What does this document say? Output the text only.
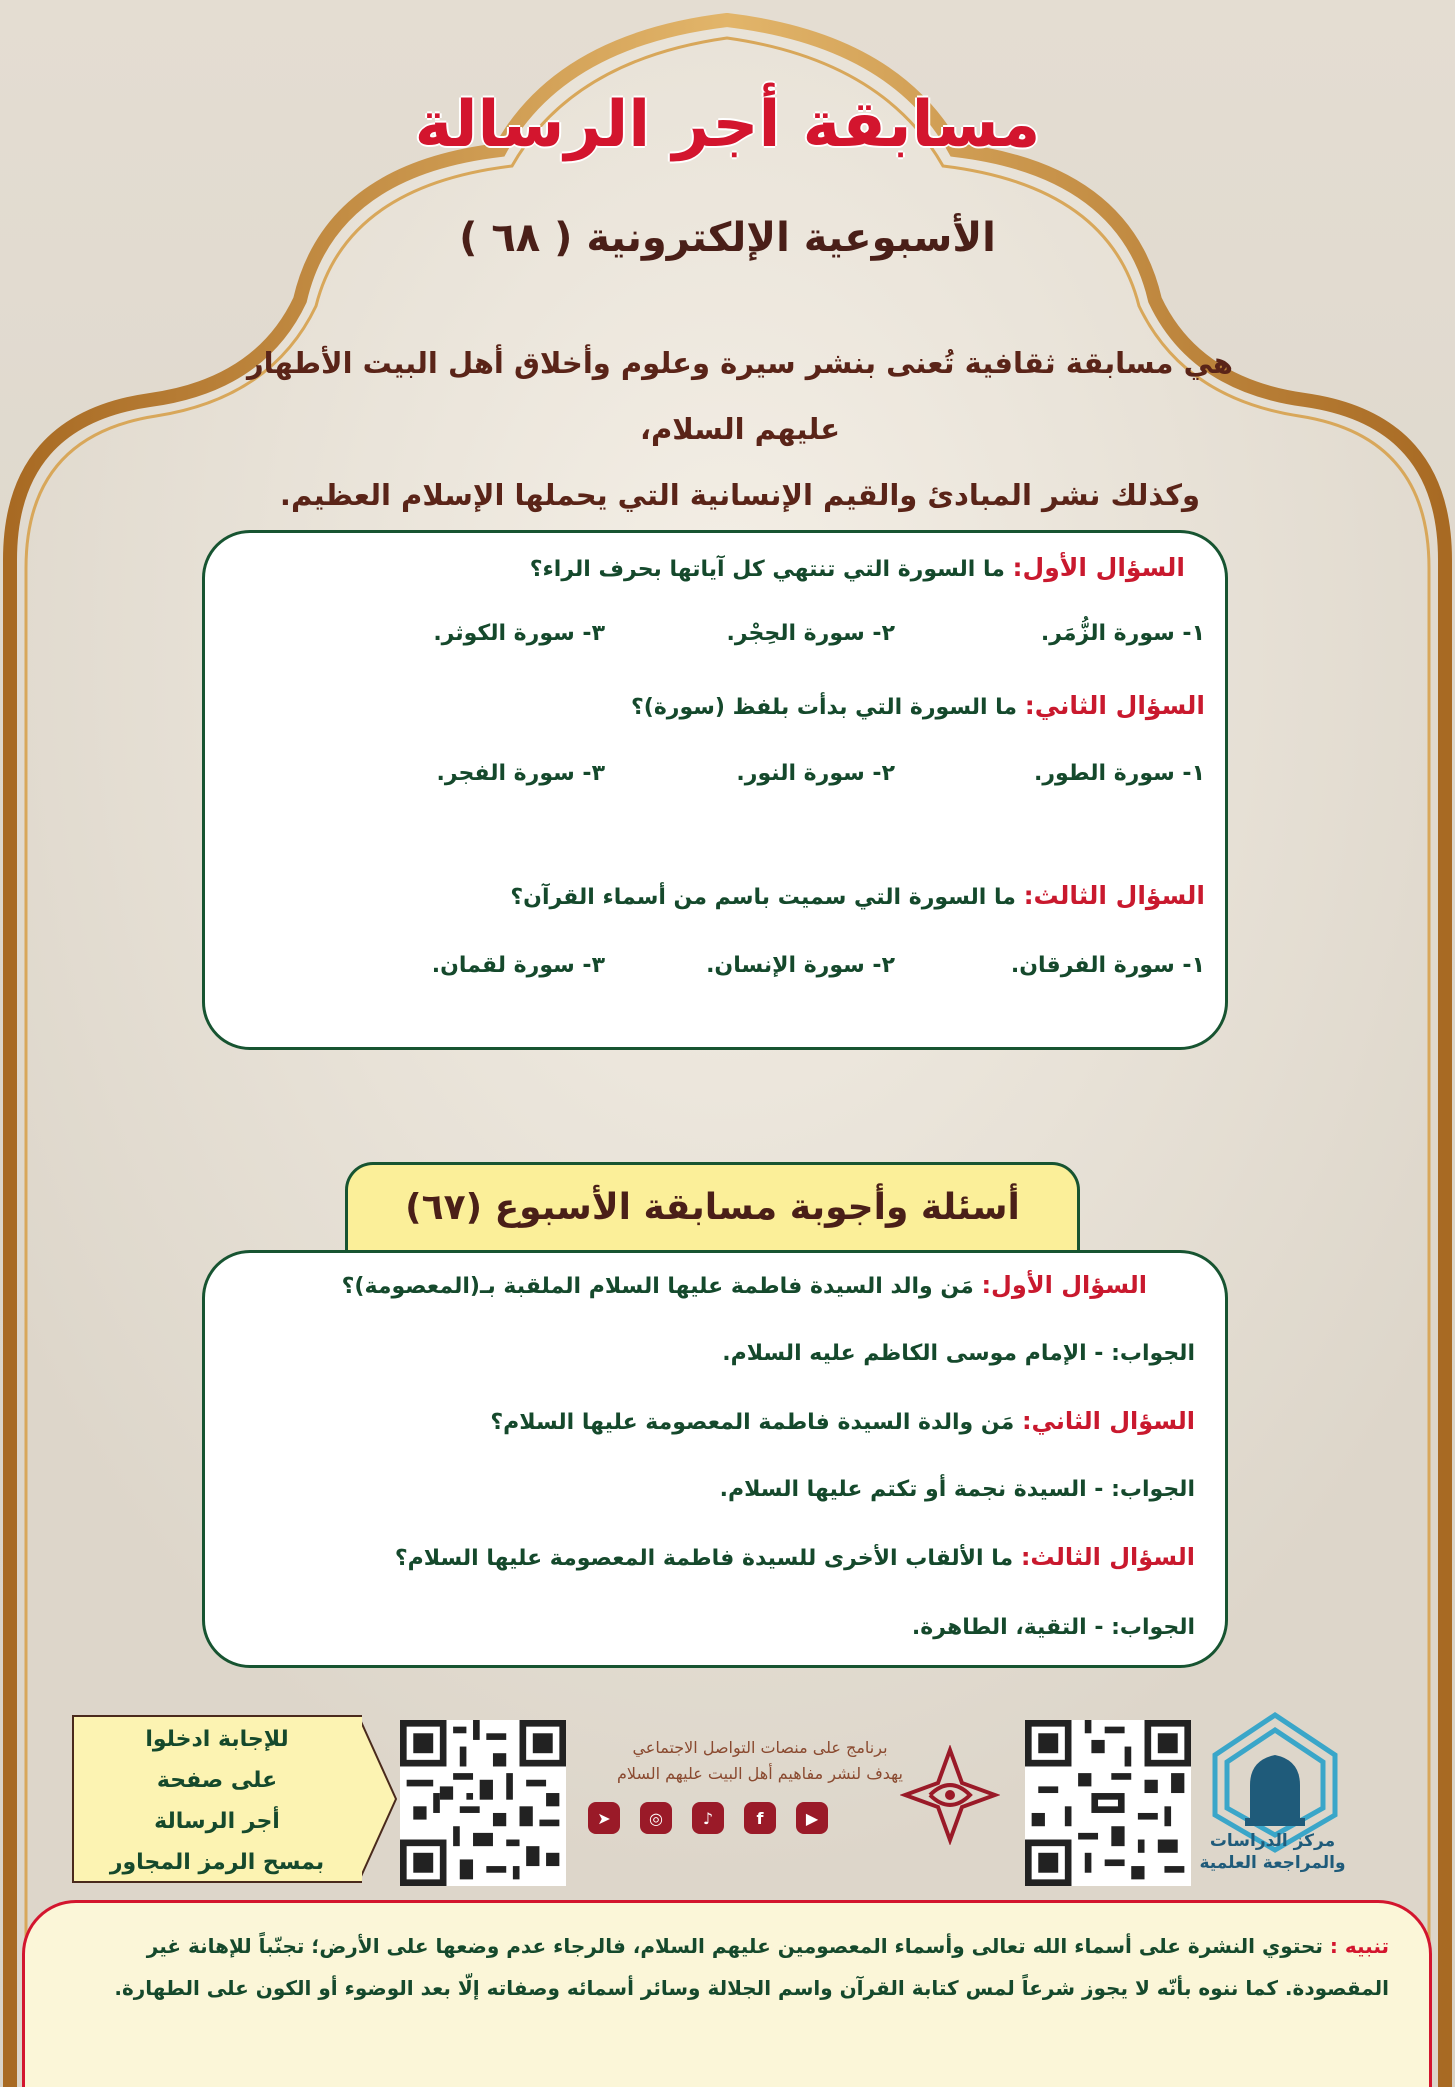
مسابقة أجر الرسالة
الأسبوعية الإلكترونية ( ٦٨ )
هي مسابقة ثقافية تُعنى بنشر سيرة وعلوم وأخلاق أهل البيت الأطهار عليهم السلام،
وكذلك نشر المبادئ والقيم الإنسانية التي يحملها الإسلام العظيم.
السؤال الأول: ما السورة التي تنتهي كل آياتها بحرف الراء؟
١- سورة الزُّمَر.
٢- سورة الحِجْر.
٣- سورة الكوثر.
السؤال الثاني: ما السورة التي بدأت بلفظ (سورة)؟
١- سورة الطور.
٢- سورة النور.
٣- سورة الفجر.
السؤال الثالث: ما السورة التي سميت باسم من أسماء القرآن؟
١- سورة الفرقان.
٢- سورة الإنسان.
٣- سورة لقمان.
أسئلة وأجوبة مسابقة الأسبوع (٦٧)
السؤال الأول: مَن والد السيدة فاطمة عليها السلام الملقبة بـ(المعصومة)؟
الجواب: - الإمام موسى الكاظم عليه السلام.
السؤال الثاني: مَن والدة السيدة فاطمة المعصومة عليها السلام؟
الجواب: - السيدة نجمة أو تكتم عليها السلام.
السؤال الثالث: ما الألقاب الأخرى للسيدة فاطمة المعصومة عليها السلام؟
الجواب: - التقية، الطاهرة.
للإجابة ادخلوا
على صفحة
أجر الرسالة
بمسح الرمز المجاور
برنامج على منصات التواصل الاجتماعي
يهدف لنشر مفاهيم أهل البيت عليهم السلام
➤	◎	♪	f	▶
مركز الدراسات
والمراجعة العلمية
تنبيه : تحتوي النشرة على أسماء الله تعالى وأسماء المعصومين عليهم السلام، فالرجاء عدم وضعها على الأرض؛ تجنّباً للإهانة غير المقصودة. كما ننوه بأنّه لا يجوز شرعاً لمس كتابة القرآن واسم الجلالة وسائر أسمائه وصفاته إلّا بعد الوضوء أو الكون على الطهارة.
